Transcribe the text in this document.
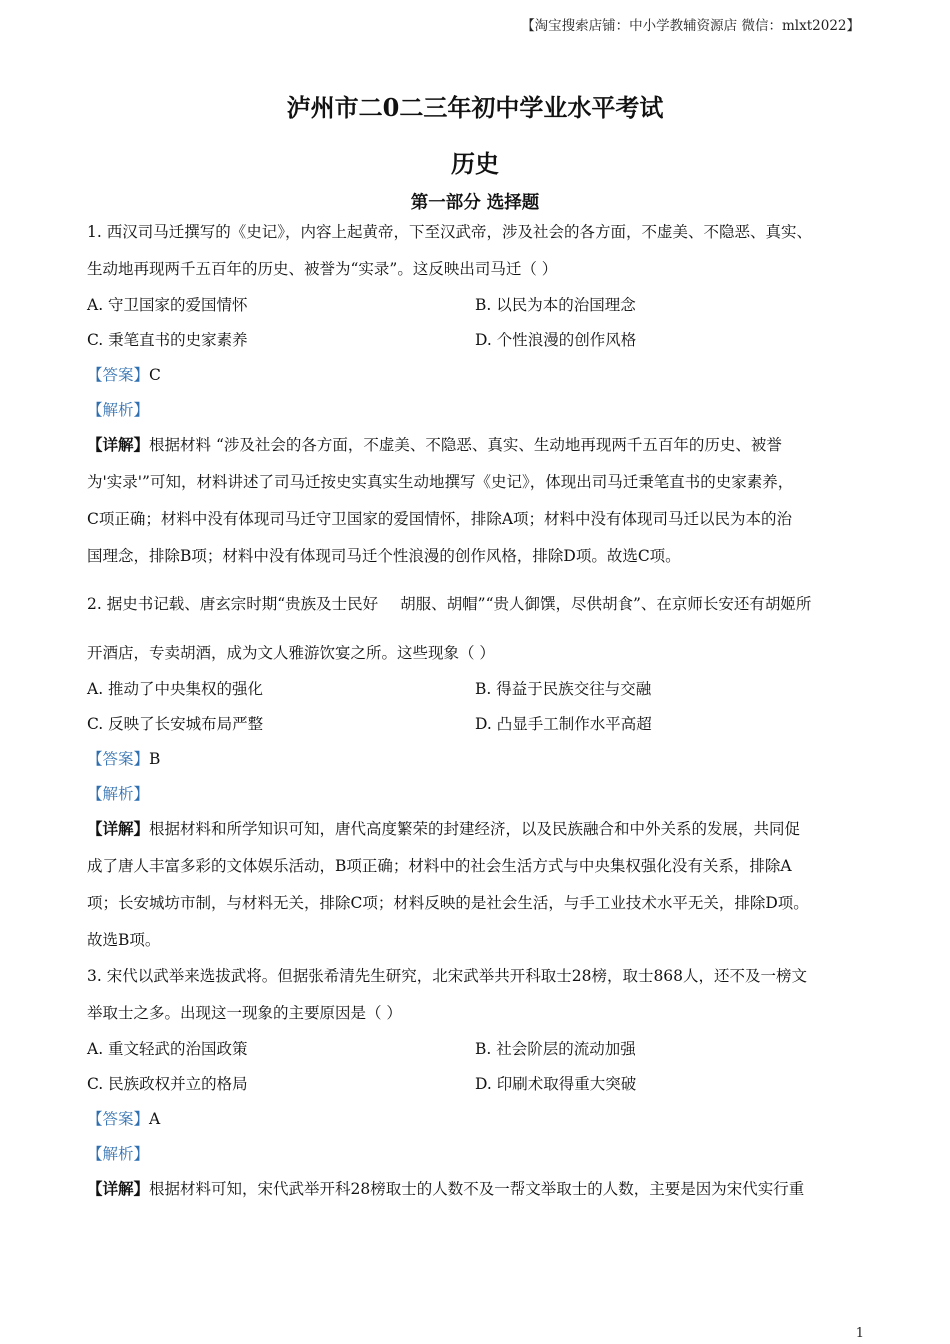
【淘宝搜索店铺：中小学教辅资源店 微信：mlxt2022】
泸州市二0二三年初中学业水平考试
历史
第一部分 选择题
1. 西汉司马迁撰写的《史记》，内容上起黄帝，下至汉武帝，涉及社会的各方面，不虚美、不隐恶、真实、
生动地再现两千五百年的历史、被誉为“实录”。这反映出司马迁（ ）
A. 守卫国家的爱国情怀	B. 以民为本的治国理念
C. 秉笔直书的史家素养	D. 个性浪漫的创作风格
【答案】C
【解析】
【详解】根据材料 “涉及社会的各方面，不虚美、不隐恶、真实、生动地再现两千五百年的历史、被誉
为'实录'”可知，材料讲述了司马迁按史实真实生动地撰写《史记》，体现出司马迁秉笔直书的史家素养，
C项正确；材料中没有体现司马迁守卫国家的爱国情怀，排除A项；材料中没有体现司马迁以民为本的治
国理念，排除B项；材料中没有体现司马迁个性浪漫的创作风格，排除D项。故选C项。
2. 据史书记载、唐玄宗时期“贵族及士民好 胡服、胡帽”“贵人御馔，尽供胡食”、在京师长安还有胡姬所
开酒店，专卖胡酒，成为文人雅游饮宴之所。这些现象（ ）
A. 推动了中央集权的强化	B. 得益于民族交往与交融
C. 反映了长安城布局严整	D. 凸显手工制作水平高超
【答案】B
【解析】
【详解】根据材料和所学知识可知，唐代高度繁荣的封建经济，以及民族融合和中外关系的发展，共同促
成了唐人丰富多彩的文体娱乐活动，B项正确；材料中的社会生活方式与中央集权强化没有关系，排除A
项；长安城坊市制，与材料无关，排除C项；材料反映的是社会生活，与手工业技术水平无关，排除D项。
故选B项。
3. 宋代以武举来选拔武将。但据张希清先生研究，北宋武举共开科取士28榜，取士868人，还不及一榜文
举取士之多。出现这一现象的主要原因是（ ）
A. 重文轻武的治国政策	B. 社会阶层的流动加强
C. 民族政权并立的格局	D. 印刷术取得重大突破
【答案】A
【解析】
【详解】根据材料可知，宋代武举开科28榜取士的人数不及一帮文举取士的人数，主要是因为宋代实行重
1
